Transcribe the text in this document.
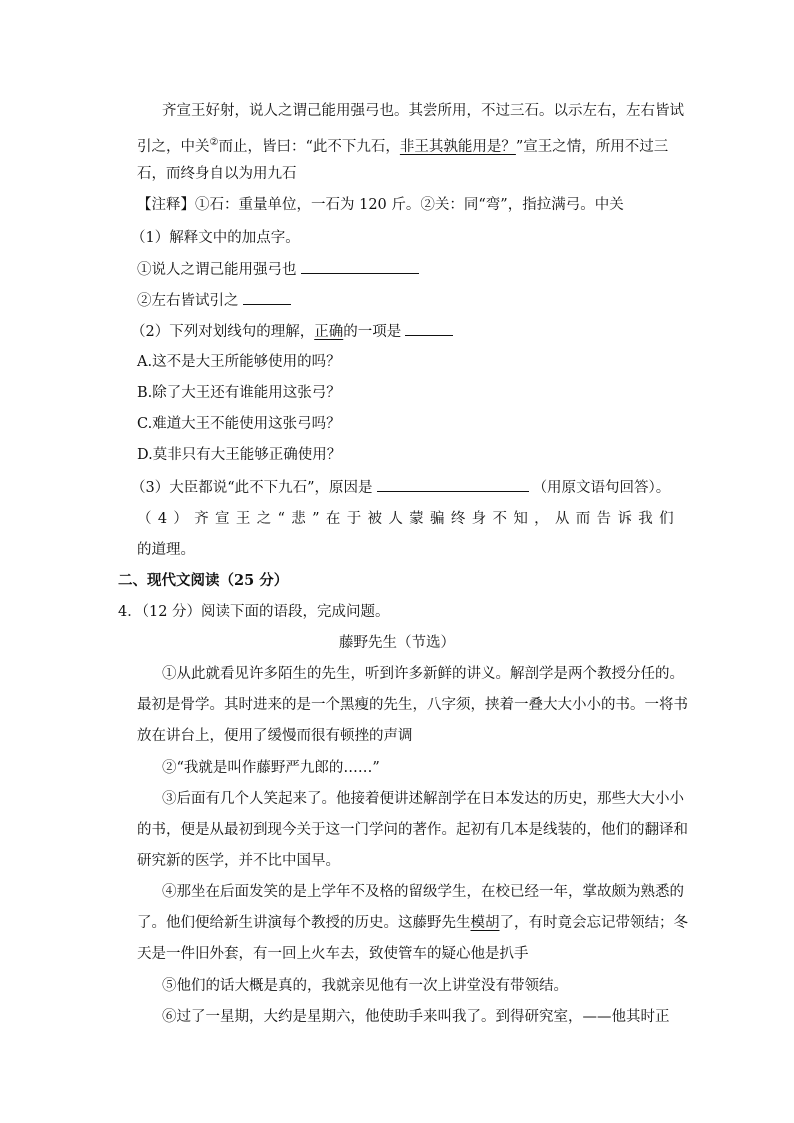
齐宣王好射，说人之谓己能用强弓也。其尝所用，不过三石。以示左右，左右皆试
引之，中关②而止，皆曰：“此不下九石，非王其孰能用是？”宣王之情，所用不过三
石，而终身自以为用九石
【注释】①石：重量单位，一石为 120 斤。②关：同“弯”，指拉满弓。中关
（1）解释文中的加点字。
①说人之谓己能用强弓也
②左右皆试引之
（2）下列对划线句的理解，正确的一项是
A.这不是大王所能够使用的吗？
B.除了大王还有谁能用这张弓？
C.难道大王不能使用这张弓吗？
D.莫非只有大王能够正确使用？
（3）大臣都说“此不下九石”，原因是	（用原文语句回答）。
（ 4 ） 齐 宣 王 之 “ 悲 ” 在 于 被 人 蒙 骗 终 身 不 知 ， 从 而 告 诉 我 们
的道理。
二、现代文阅读（25 分）
4．（12 分）阅读下面的语段，完成问题。
藤野先生（节选）
①从此就看见许多陌生的先生，听到许多新鲜的讲义。解剖学是两个教授分任的。
最初是骨学。其时进来的是一个黑瘦的先生，八字须，挟着一叠大大小小的书。一将书
放在讲台上，便用了缓慢而很有顿挫的声调
②“我就是叫作藤野严九郎的……”
③后面有几个人笑起来了。他接着便讲述解剖学在日本发达的历史，那些大大小小
的书，便是从最初到现今关于这一门学问的著作。起初有几本是线装的，他们的翻译和
研究新的医学，并不比中国早。
④那坐在后面发笑的是上学年不及格的留级学生，在校已经一年，掌故颇为熟悉的
了。他们便给新生讲演每个教授的历史。这藤野先生模胡了，有时竟会忘记带领结；冬
天是一件旧外套，有一回上火车去，致使管车的疑心他是扒手
⑤他们的话大概是真的，我就亲见他有一次上讲堂没有带领结。
⑥过了一星期，大约是星期六，他使助手来叫我了。到得研究室，——他其时正
